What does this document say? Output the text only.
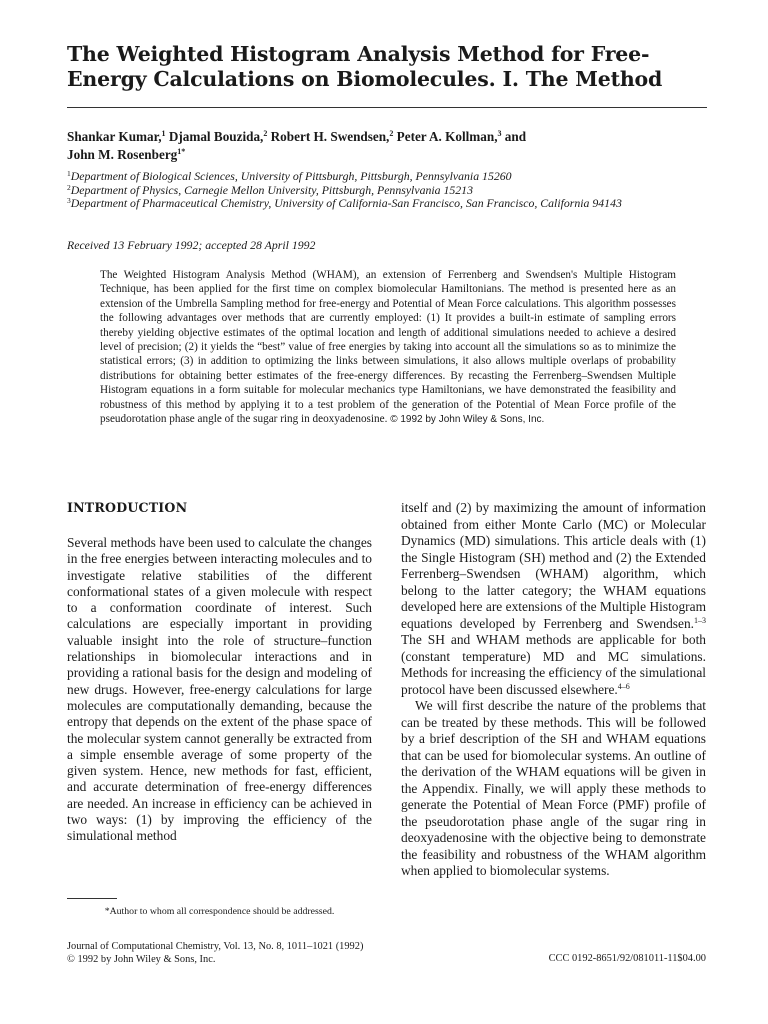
The Weighted Histogram Analysis Method for Free-Energy Calculations on Biomolecules. I. The Method
Shankar Kumar,$^1$ Djamal Bouzida,$^2$ Robert H. Swendsen,$^2$ Peter A. Kollman,$^3$ and
John M. Rosenberg$^{1*}$
$^1$Department of Biological Sciences, University of Pittsburgh, Pittsburgh, Pennsylvania 15260
$^2$Department of Physics, Carnegie Mellon University, Pittsburgh, Pennsylvania 15213
$^3$Department of Pharmaceutical Chemistry, University of California-San Francisco, San Francisco, California 94143
Received 13 February 1992; accepted 28 April 1992

The Weighted Histogram Analysis Method (WHAM), an extension of Ferrenberg and Swendsen's Multiple Histogram Technique, has been applied for the first time on complex biomolecular Hamiltonians. The method is presented here as an extension of the Umbrella Sampling method for free-energy and Potential of Mean Force calculations. This algorithm possesses the following advantages over methods that are currently employed: (1) It provides a built-in estimate of sampling errors thereby yielding objective estimates of the optimal location and length of additional simulations needed to achieve a desired level of precision; (2) it yields the “best” value of free energies by taking into account all the simulations so as to minimize the statistical errors; (3) in addition to optimizing the links between simulations, it also allows multiple overlaps of probability distributions for obtaining better estimates of the free-energy differences. By recasting the Ferrenberg–Swendsen Multiple Histogram equations in a form suitable for molecular mechanics type Hamiltonians, we have demonstrated the feasibility and robustness of this method by applying it to a test problem of the generation of the Potential of Mean Force profile of the pseudorotation phase angle of the sugar ring in deoxyadenosine. © 1992 by John Wiley & Sons, Inc.

INTRODUCTION

Several methods have been used to calculate the changes in the free energies between interacting molecules and to investigate relative stabilities of the different conformational states of a given molecule with respect to a conformation coordinate of interest. Such calculations are especially important in providing valuable insight into the role of structure–function relationships in biomolecular interactions and in providing a rational basis for the design and modeling of new drugs. However, free-energy calculations for large molecules are computationally demanding, because the entropy that depends on the extent of the phase space of the molecular system cannot generally be extracted from a simple ensemble average of some property of the given system. Hence, new methods for fast, efficient, and accurate determination of free-energy differences are needed. An increase in efficiency can be achieved in two ways: (1) by improving the efficiency of the simulational method

itself and (2) by maximizing the amount of information obtained from either Monte Carlo (MC) or Molecular Dynamics (MD) simulations. This article deals with (1) the Single Histogram (SH) method and (2) the Extended Ferrenberg–Swendsen (WHAM) algorithm, which belong to the latter category; the WHAM equations developed here are extensions of the Multiple Histogram equations developed by Ferrenberg and Swendsen.$^{1-3}$ The SH and WHAM methods are applicable for both (constant temperature) MD and MC simulations. Methods for increasing the efficiency of the simulational protocol have been discussed elsewhere.$^{4-6}$

We will first describe the nature of the problems that can be treated by these methods. This will be followed by a brief description of the SH and WHAM equations that can be used for biomolecular systems. An outline of the derivation of the WHAM equations will be given in the Appendix. Finally, we will apply these methods to generate the Potential of Mean Force (PMF) profile of the pseudorotation phase angle of the sugar ring in deoxyadenosine with the objective being to demonstrate the feasibility and robustness of the WHAM algorithm when applied to biomolecular systems.

*Author to whom all correspondence should be addressed.
Journal of Computational Chemistry, Vol. 13, No. 8, 1011–1021 (1992)
© 1992 by John Wiley & Sons, Inc.	CCC 0192-8651/92/081011-11$04.00
